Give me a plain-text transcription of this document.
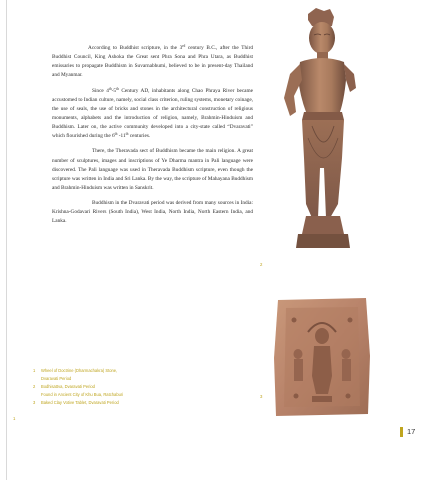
According to Buddhist scripture, in the 3rd century B.C., after the Third Buddhist Council, King Ashoka the Great sent Phra Sona and Phra Utara, as Buddhist emissaries to propagate Buddhism in Suvarnabhumi, believed to be in present-day Thailand and Myanmar.

Since 4th-5th Century AD, inhabitants along Chao Phraya River became accustomed to Indian culture, namely, social class criterion, ruling systems, monetary coinage, the use of seals, the use of bricks and stones in the architectural construction of religious monuments, alphabets and the introduction of religion, namely, Brahmin-Hinduism and Buddhism. Later on, the active community developed into a city-state called “Dvaravati” which flourished during the 6th -11th centuries.

There, the Theravada sect of Buddhism became the main religion. A great number of sculptures, images and inscriptions of Ye Dharma mantra in Pali language were discovered. The Pali language was used in Theravada Buddhism scripture, even though the scripture was written in India and Sri Lanka. By the way, the scripture of Mahayana Buddhism and Brahmin-Hinduism was written in Sanskrit.

Buddhism in the Dvaravati period was derived from many sources in India: Krishna-Godavari Rivers (South India), West India, North India, North Eastern India, and Lanka.

2
3
1
1	Wheel of Doctrine (Dharmachakra) Stone,
Dvaravati Period
2	Bodhisattva, Dvaravati Period
Found in Ancient City of Khu Bua, Ratchaburi
3	Baked Clay Votive Tablet, Dvaravati Period
17
